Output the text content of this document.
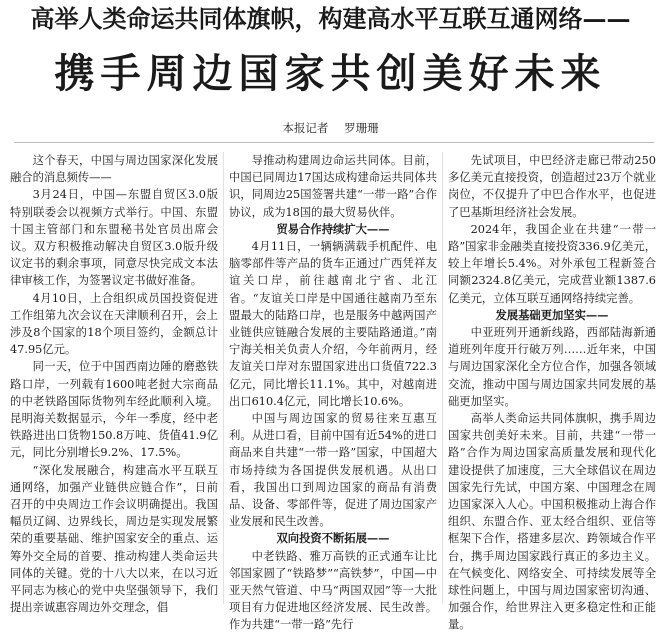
高举人类命运共同体旗帜，构建高水平互联互通网络——
携手周边国家共创美好未来
本报记者 罗珊珊

这个春天，中国与周边国家深化发展融合的消息频传——

3月24日，中国—东盟自贸区3.0版特别联委会以视频方式举行。中国、东盟十国主管部门和东盟秘书处官员出席会议。双方积极推动解决自贸区3.0版升级议定书的剩余事项，同意尽快完成文本法律审核工作，为签署议定书做好准备。

4月10日，上合组织成员国投资促进工作组第九次会议在天津顺利召开，会上涉及8个国家的18个项目签约，金额总计47.95亿元。

同一天，位于中国西南边陲的磨憨铁路口岸，一列载有1600吨老挝大宗商品的中老铁路国际货物列车经此顺利入境。昆明海关数据显示，今年一季度，经中老铁路进出口货物150.8万吨、货值41.9亿元，同比分别增长9.2%、17.5%。

“深化发展融合，构建高水平互联互通网络，加强产业链供应链合作”，日前召开的中央周边工作会议明确提出。我国幅员辽阔、边界线长，周边是实现发展繁荣的重要基础、维护国家安全的重点、运筹外交全局的首要、推动构建人类命运共同体的关键。党的十八大以来，在以习近平同志为核心的党中央坚强领导下，我们提出亲诚惠容周边外交理念，倡

导推动构建周边命运共同体。目前，中国已同周边17国达成构建命运共同体共识，同周边25国签署共建“一带一路”合作协议，成为18国的最大贸易伙伴。

贸易合作持续扩大——

4月11日，一辆辆满载手机配件、电脑零部件等产品的货车正通过广西凭祥友谊关口岸，前往越南北宁省、北江省。“友谊关口岸是中国通往越南乃至东盟最大的陆路口岸，也是服务中越两国产业链供应链融合发展的主要陆路通道。”南宁海关相关负责人介绍，今年前两月，经友谊关口岸对东盟国家进出口货值722.3亿元，同比增长11.1%。其中，对越南进出口610.4亿元，同比增长10.6%。

中国与周边国家的贸易往来互惠互利。从进口看，目前中国有近54%的进口商品来自共建“一带一路”国家，中国超大市场持续为各国提供发展机遇。从出口看，我国出口到周边国家的商品有消费品、设备、零部件等，促进了周边国家产业发展和民生改善。

双向投资不断拓展——

中老铁路、雅万高铁的正式通车让比邻国家圆了“铁路梦”“高铁梦”，中国—中亚天然气管道、中马“两国双园”等一大批项目有力促进地区经济发展、民生改善。作为共建“一带一路”先行

先试项目，中巴经济走廊已带动250多亿美元直接投资，创造超过23万个就业岗位，不仅提升了中巴合作水平，也促进了巴基斯坦经济社会发展。

2024年，我国企业在共建“一带一路”国家非金融类直接投资336.9亿美元，较上年增长5.4%。对外承包工程新签合同额2324.8亿美元，完成营业额1387.6亿美元，立体互联互通网络持续完善。

发展基础更加坚实——

中亚班列开通新线路，西部陆海新通道班列年度开行破万列……近年来，中国与周边国家深化全方位合作，加强各领域交流，推动中国与周边国家共同发展的基础更加坚实。

高举人类命运共同体旗帜，携手周边国家共创美好未来。目前，共建“一带一路”合作为周边国家高质量发展和现代化建设提供了加速度，三大全球倡议在周边国家先行先试，中国方案、中国理念在周边国家深入人心。中国积极推动上海合作组织、东盟合作、亚太经合组织、亚信等框架下合作，搭建多层次、跨领域合作平台，携手周边国家践行真正的多边主义。在气候变化、网络安全、可持续发展等全球性问题上，中国与周边国家密切沟通、加强合作，给世界注入更多稳定性和正能量。
